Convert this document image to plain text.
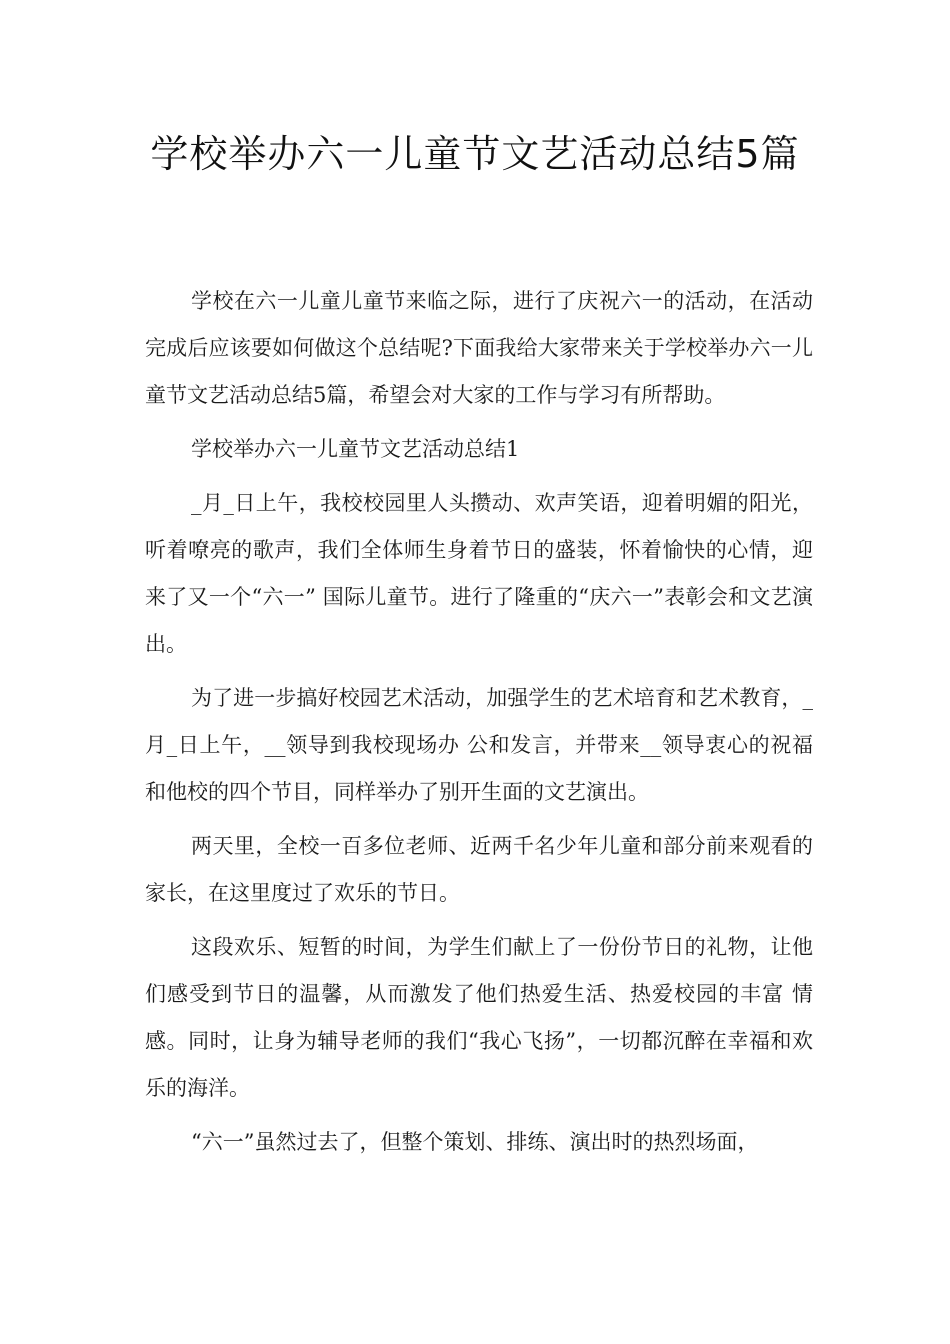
学校举办六一儿童节文艺活动总结5篇

学校在六一儿童儿童节来临之际，进行了庆祝六一的活动，在活动完成后应该要如何做这个总结呢?下面我给大家带来关于学校举办六一儿童节文艺活动总结5篇，希望会对大家的工作与学习有所帮助。

学校举办六一儿童节文艺活动总结1

_月_日上午，我校校园里人头攒动、欢声笑语，迎着明媚的阳光，听着嘹亮的歌声，我们全体师生身着节日的盛装，怀着愉快的心情，迎来了又一个“六一” 国际儿童节。进行了隆重的“庆六一”表彰会和文艺演出。

为了进一步搞好校园艺术活动，加强学生的艺术培育和艺术教育，_月_日上午，__领导到我校现场办 公和发言，并带来__领导衷心的祝福和他校的四个节目，同样举办了别开生面的文艺演出。

两天里，全校一百多位老师、近两千名少年儿童和部分前来观看的家长，在这里度过了欢乐的节日。

这段欢乐、短暂的时间，为学生们献上了一份份节日的礼物，让他们感受到节日的温馨，从而激发了他们热爱生活、热爱校园的丰富 情感。同时，让身为辅导老师的我们“我心飞扬”，一切都沉醉在幸福和欢乐的海洋。

“六一”虽然过去了，但整个策划、排练、演出时的热烈场面，
